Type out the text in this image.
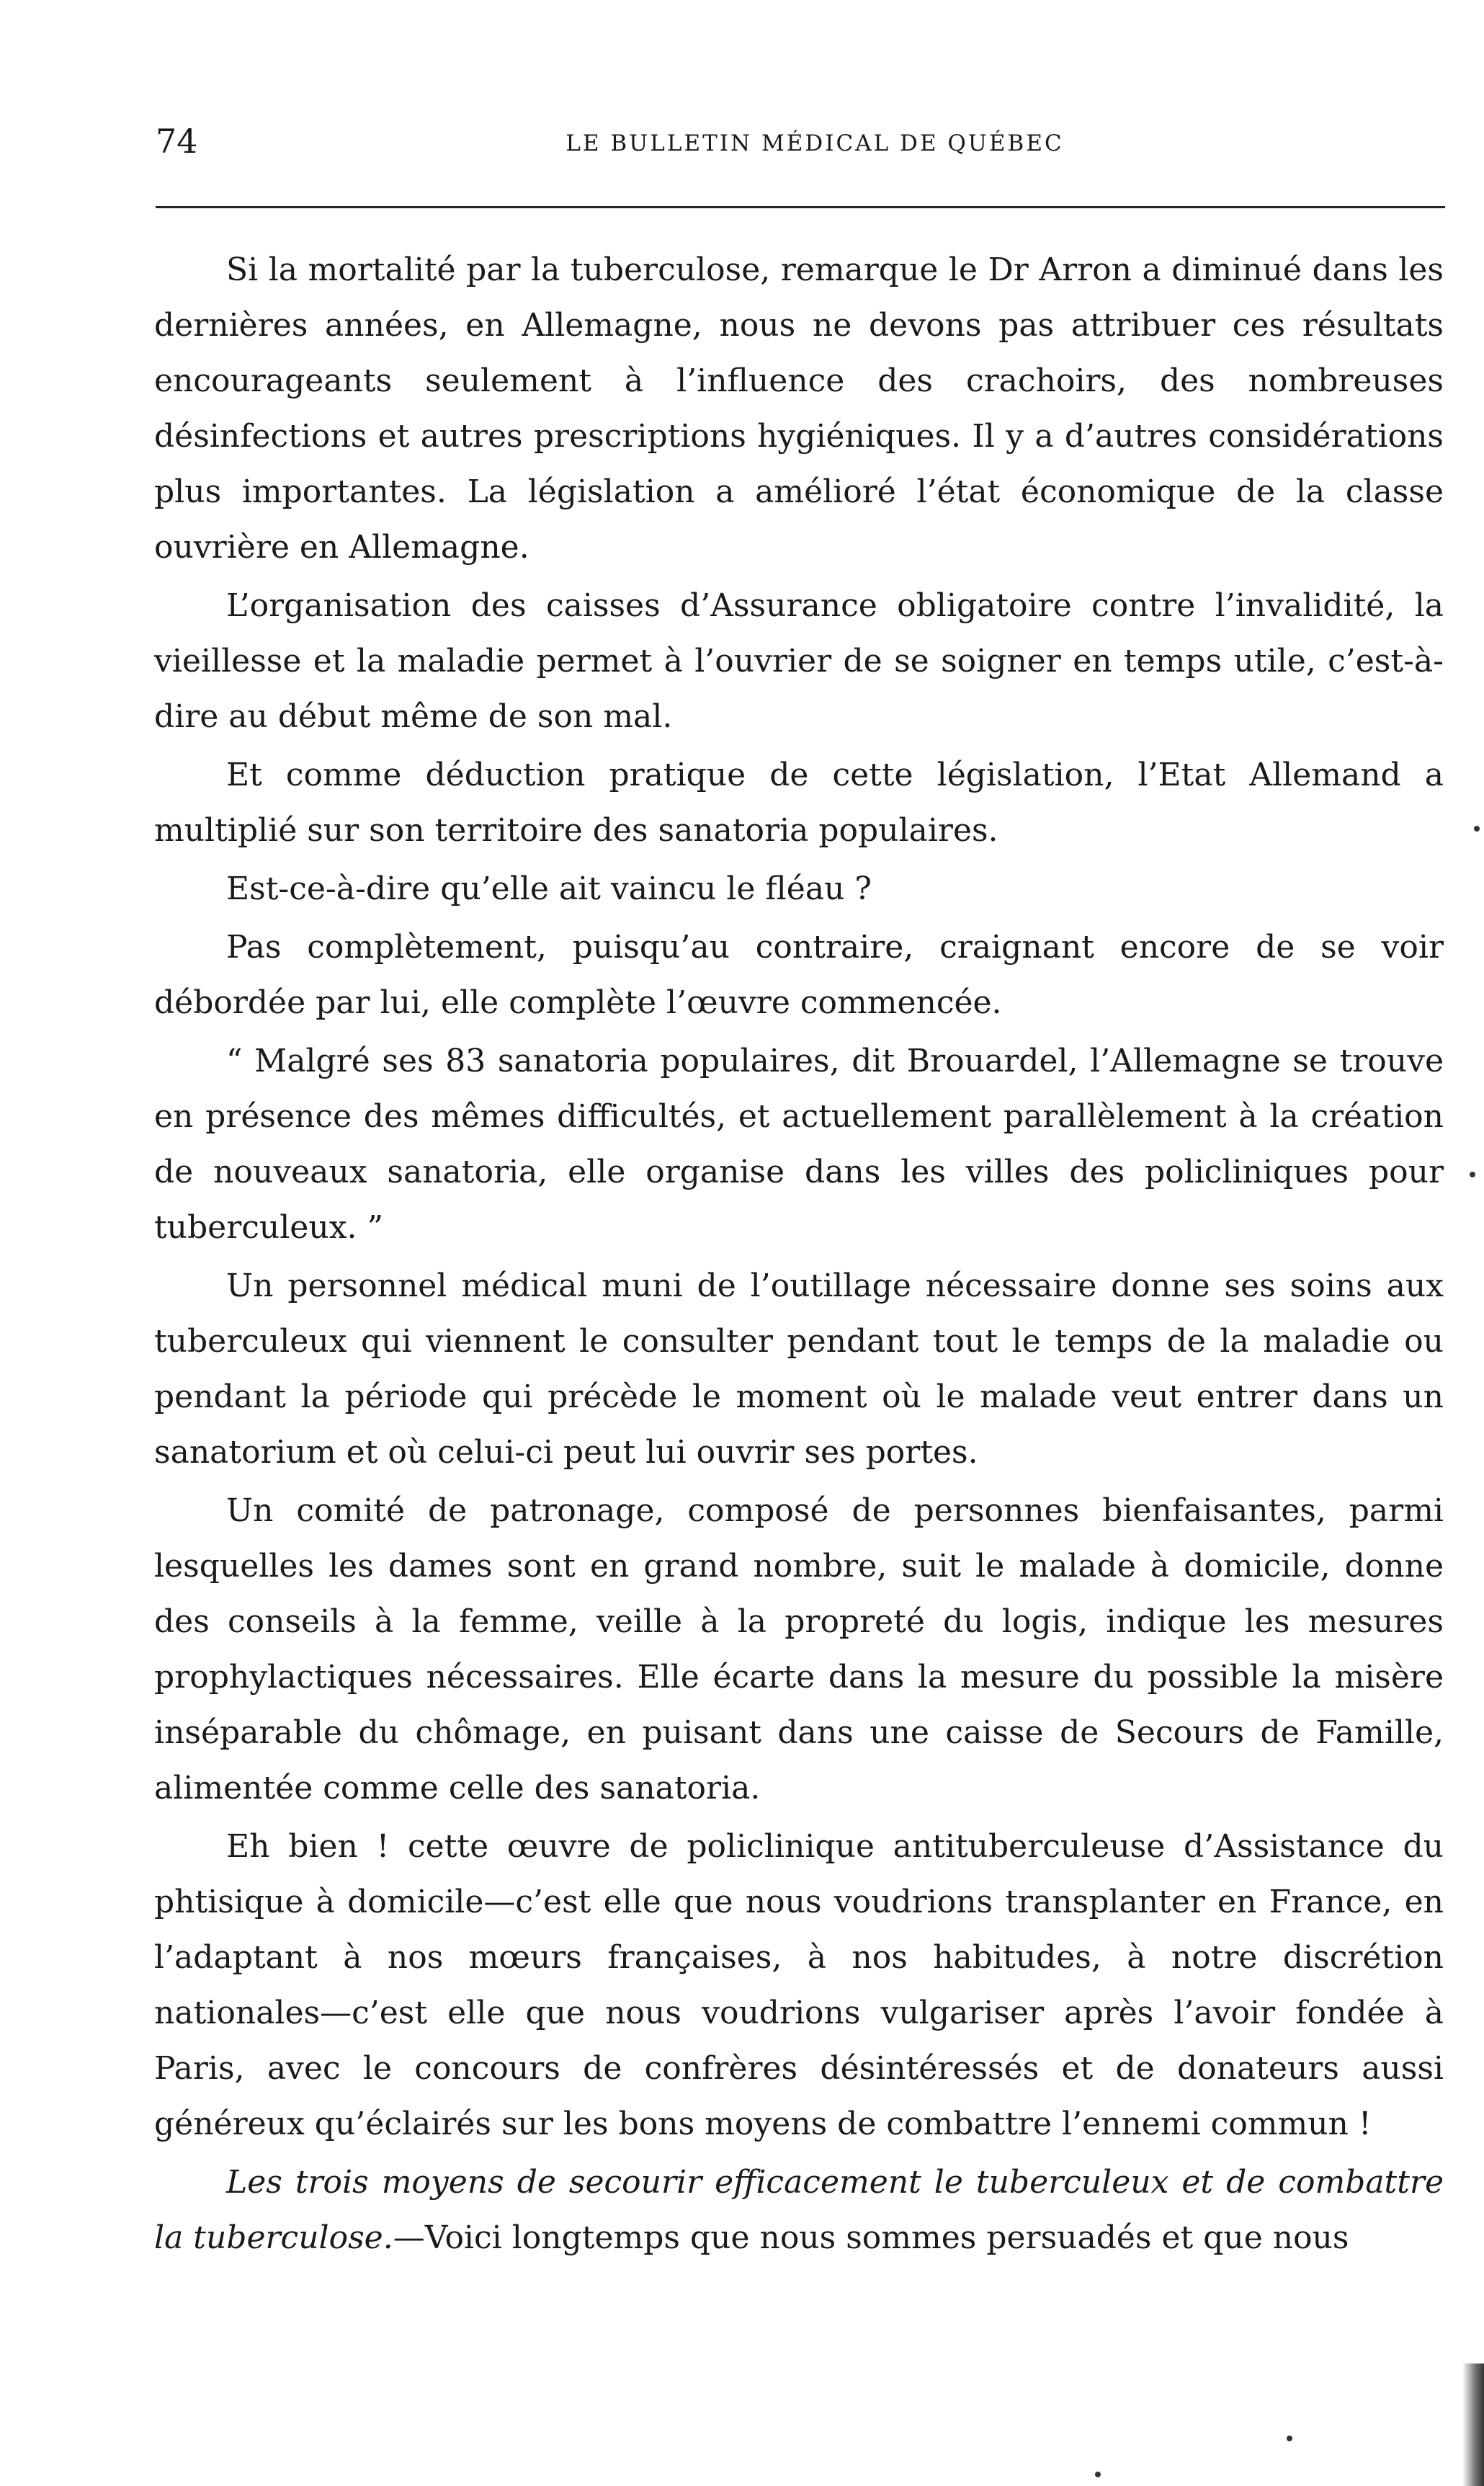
74	LE BULLETIN MÉDICAL DE QUÉBEC

Si la mortalité par la tuberculose, remarque le Dr Arron a diminué dans les dernières années, en Allemagne, nous ne devons pas attribuer ces résultats encourageants seulement à l’influence des crachoirs, des nombreuses désinfections et autres prescriptions hygiéniques. Il y a d’autres considérations plus importantes. La législation a amélioré l’état économique de la classe ouvrière en Allemagne.

L’organisation des caisses d’Assurance obligatoire contre l’invalidité, la vieillesse et la maladie permet à l’ouvrier de se soigner en temps utile, c’est-à-dire au début même de son mal.

Et comme déduction pratique de cette législation, l’Etat Allemand a multiplié sur son territoire des sanatoria populaires.

Est-ce-à-dire qu’elle ait vaincu le fléau ?

Pas complètement, puisqu’au contraire, craignant encore de se voir débordée par lui, elle complète l’œuvre commencée.

“ Malgré ses 83 sanatoria populaires, dit Brouardel, l’Allemagne se trouve en présence des mêmes difficultés, et actuellement parallèlement à la création de nouveaux sanatoria, elle organise dans les villes des policliniques pour tuberculeux. ”

Un personnel médical muni de l’outillage nécessaire donne ses soins aux tuberculeux qui viennent le consulter pendant tout le temps de la maladie ou pendant la période qui précède le moment où le malade veut entrer dans un sanatorium et où celui-ci peut lui ouvrir ses portes.

Un comité de patronage, composé de personnes bienfaisantes, parmi lesquelles les dames sont en grand nombre, suit le malade à domicile, donne des conseils à la femme, veille à la propreté du logis, indique les mesures prophylactiques nécessaires. Elle écarte dans la mesure du possible la misère inséparable du chômage, en puisant dans une caisse de Secours de Famille, alimentée comme celle des sanatoria.

Eh bien ! cette œuvre de policlinique antituberculeuse d’Assistance du phtisique à domicile—c’est elle que nous voudrions transplanter en France, en l’adaptant à nos mœurs françaises, à nos habitudes, à notre discrétion nationales—c’est elle que nous voudrions vulgariser après l’avoir fondée à Paris, avec le concours de confrères désintéressés et de donateurs aussi généreux qu’éclairés sur les bons moyens de combattre l’ennemi commun !

Les trois moyens de secourir efficacement le tuberculeux et de combattre la tuberculose.—Voici longtemps que nous sommes persuadés et que nous
